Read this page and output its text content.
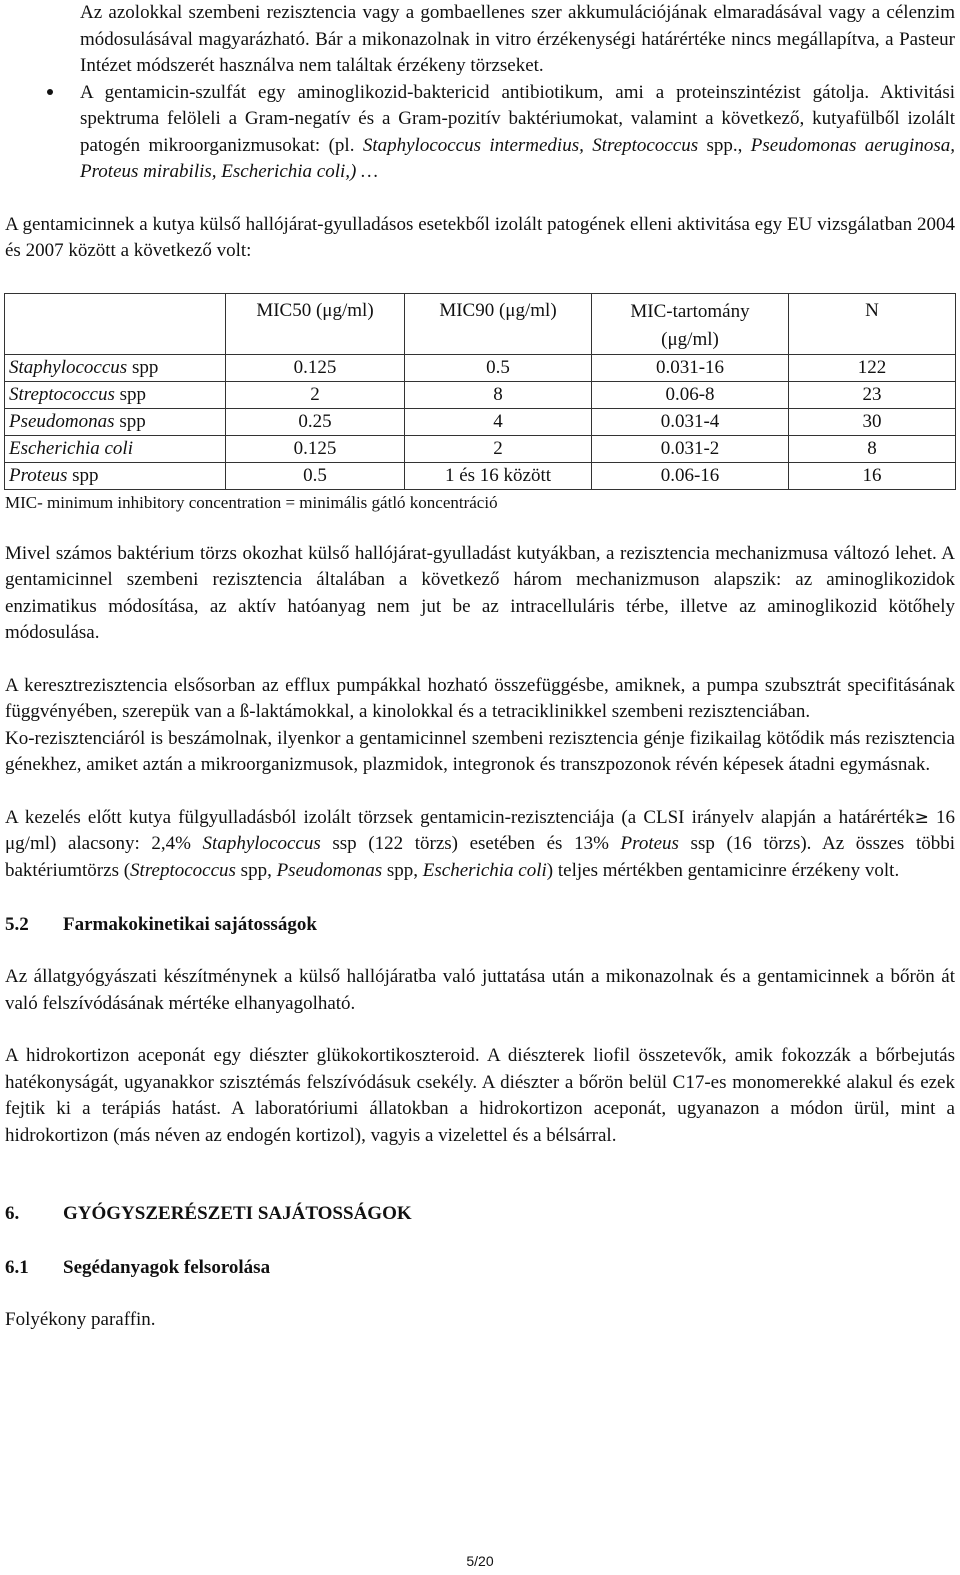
Az azolokkal szembeni rezisztencia vagy a gombaellenes szer akkumulációjának elmaradásával vagy a célenzim módosulásával magyarázható. Bár a mikonazolnak in vitro érzékenységi határértéke nincs megállapítva, a Pasteur Intézet módszerét használva nem találtak érzékeny törzseket.

A gentamicin-szulfát egy aminoglikozid-baktericid antibiotikum, ami a proteinszintézist gátolja. Aktivitási spektruma felöleli a Gram-negatív és a Gram-pozitív baktériumokat, valamint a következő, kutyafülből izolált patogén mikroorganizmusokat: (pl. Staphylococcus intermedius, Streptococcus spp., Pseudomonas aeruginosa, Proteus mirabilis, Escherichia coli,) …

A gentamicinnek a kutya külső hallójárat-gyulladásos esetekből izolált patogének elleni aktivitása egy EU vizsgálatban 2004 és 2007 között a következő volt:

	MIC50 (μg/ml)	MIC90 (μg/ml)	MIC-tartomány (μg/ml)	N
Staphylococcus spp	0.125	0.5	0.031-16	122
Streptococcus spp	2	8	0.06-8	23
Pseudomonas spp	0.25	4	0.031-4	30
Escherichia coli	0.125	2	0.031-2	8
Proteus spp	0.5	1 és 16 között	0.06-16	16

MIC- minimum inhibitory concentration = minimális gátló koncentráció

Mivel számos baktérium törzs okozhat külső hallójárat-gyulladást kutyákban, a rezisztencia mechanizmusa változó lehet. A gentamicinnel szembeni rezisztencia általában a következő három mechanizmuson alapszik: az aminoglikozidok enzimatikus módosítása, az aktív hatóanyag nem jut be az intracelluláris térbe, illetve az aminoglikozid kötőhely módosulása.

A keresztrezisztencia elsősorban az efflux pumpákkal hozható összefüggésbe, amiknek, a pumpa szubsztrát specifitásának függvényében, szerepük van a ß-laktámokkal, a kinolokkal és a tetraciklinikkel szembeni rezisztenciában.

Ko-rezisztenciáról is beszámolnak, ilyenkor a gentamicinnel szembeni rezisztencia génje fizikailag kötődik más rezisztencia génekhez, amiket aztán a mikroorganizmusok, plazmidok, integronok és transzpozonok révén képesek átadni egymásnak.

A kezelés előtt kutya fülgyulladásból izolált törzsek gentamicin-rezisztenciája (a CLSI irányelv alapján a határérték≥ 16 μg/ml) alacsony: 2,4% Staphylococcus ssp (122 törzs) esetében és 13% Proteus ssp (16 törzs). Az összes többi baktériumtörzs (Streptococcus spp, Pseudomonas spp, Escherichia coli) teljes mértékben gentamicinre érzékeny volt.

5.2 Farmakokinetikai sajátosságok

Az állatgyógyászati készítménynek a külső hallójáratba való juttatása után a mikonazolnak és a gentamicinnek a bőrön át való felszívódásának mértéke elhanyagolható.

A hidrokortizon aceponát egy diészter glükokortikoszteroid. A diészterek liofil összetevők, amik fokozzák a bőrbejutás hatékonyságát, ugyanakkor szisztémás felszívódásuk csekély. A diészter a bőrön belül C17-es monomerekké alakul és ezek fejtik ki a terápiás hatást. A laboratóriumi állatokban a hidrokortizon aceponát, ugyanazon a módon ürül, mint a hidrokortizon (más néven az endogén kortizol), vagyis a vizelettel és a bélsárral.

6. GYÓGYSZERÉSZETI SAJÁTOSSÁGOK
6.1 Segédanyagok felsorolása

Folyékony paraffin.

5/20
